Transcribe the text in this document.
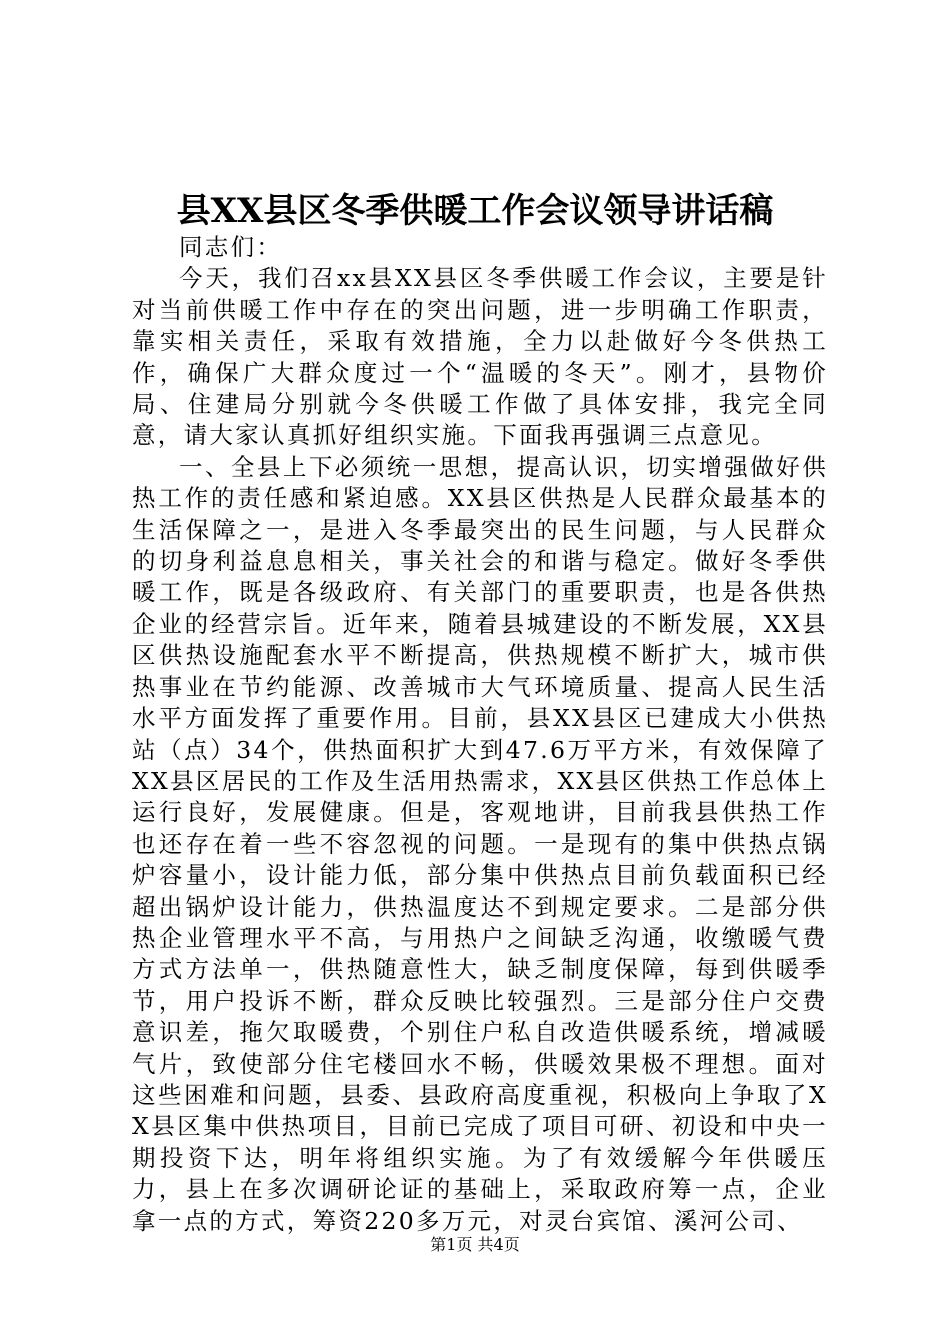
县XX县区冬季供暖工作会议领导讲话稿

同志们：

今天，我们召xx县XX县区冬季供暖工作会议，主要是针对当前供暖工作中存在的突出问题，进一步明确工作职责，靠实相关责任，采取有效措施，全力以赴做好今冬供热工作，确保广大群众度过一个“温暖的冬天”。刚才，县物价局、住建局分别就今冬供暖工作做了具体安排，我完全同意，请大家认真抓好组织实施。下面我再强调三点意见。

一、全县上下必须统一思想，提高认识，切实增强做好供热工作的责任感和紧迫感。XX县区供热是人民群众最基本的生活保障之一，是进入冬季最突出的民生问题，与人民群众的切身利益息息相关，事关社会的和谐与稳定。做好冬季供暖工作，既是各级政府、有关部门的重要职责，也是各供热企业的经营宗旨。近年来，随着县城建设的不断发展，XX县区供热设施配套水平不断提高，供热规模不断扩大，城市供热事业在节约能源、改善城市大气环境质量、提高人民生活水平方面发挥了重要作用。目前，县XX县区已建成大小供热站（点）34个，供热面积扩大到47.6万平方米，有效保障了XX县区居民的工作及生活用热需求，XX县区供热工作总体上运行良好，发展健康。但是，客观地讲，目前我县供热工作也还存在着一些不容忽视的问题。一是现有的集中供热点锅炉容量小，设计能力低，部分集中供热点目前负载面积已经超出锅炉设计能力，供热温度达不到规定要求。二是部分供热企业管理水平不高，与用热户之间缺乏沟通，收缴暖气费方式方法单一，供热随意性大，缺乏制度保障，每到供暖季节，用户投诉不断，群众反映比较强烈。三是部分住户交费意识差，拖欠取暖费，个别住户私自改造供暖系统，增减暖气片，致使部分住宅楼回水不畅，供暖效果极不理想。面对这些困难和问题，县委、县政府高度重视，积极向上争取了XX县区集中供热项目，目前已完成了项目可研、初设和中央一期投资下达，明年将组织实施。为了有效缓解今年供暖压力，县上在多次调研论证的基础上，采取政府筹一点，企业拿一点的方式，筹资220多万元，对灵台宾馆、溪河公司、

第1页 共4页
